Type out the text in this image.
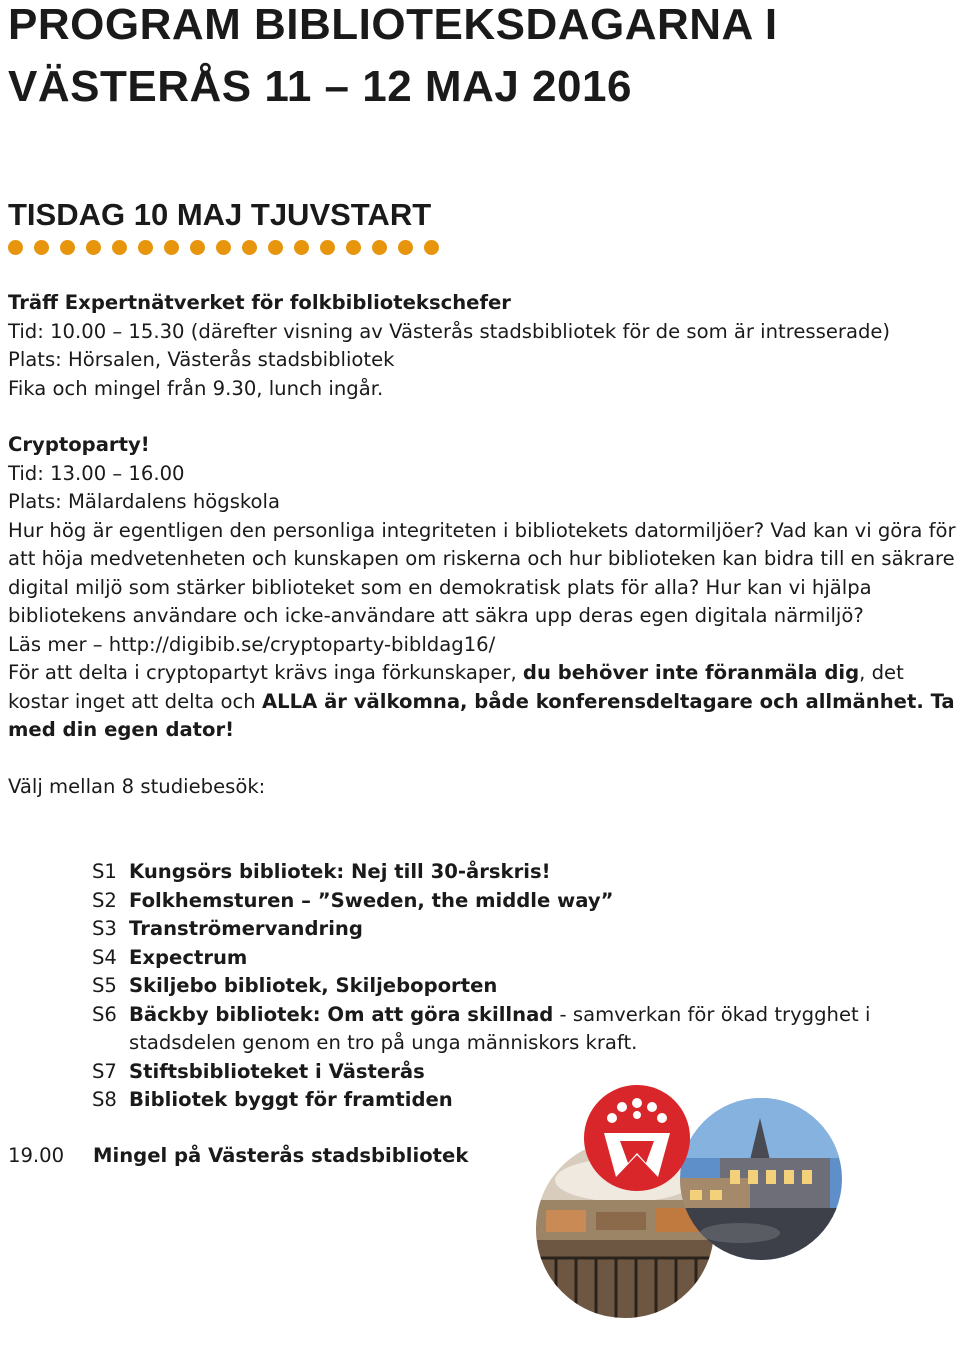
PROGRAM BIBLIOTEKSDAGARNA I
VÄSTERÅS 11 – 12 MAJ 2016
TISDAG 10 MAJ TJUVSTART

Träff Expertnätverket för folkbibliotekschefer

Tid: 10.00 – 15.30 (därefter visning av Västerås stadsbibliotek för de som är intresserade)

Plats: Hörsalen, Västerås stadsbibliotek

Fika och mingel från 9.30, lunch ingår.

Cryptoparty!

Tid: 13.00 – 16.00

Plats: Mälardalens högskola

Hur hög är egentligen den personliga integriteten i bibliotekets datormiljöer? Vad kan vi göra för att höja medvetenheten och kunskapen om riskerna och hur biblioteken kan bidra till en säkrare digital miljö som stärker biblioteket som en demokratisk plats för alla? Hur kan vi hjälpa bibliotekens användare och icke-användare att säkra upp deras egen digitala närmiljö?

Läs mer – http://digibib.se/cryptoparty-bibldag16/

För att delta i cryptopartyt krävs inga förkunskaper, du behöver inte föranmäla dig, det kostar inget att delta och ALLA är välkomna, både konferensdeltagare och allmänhet. Ta med din egen dator!

Välj mellan 8 studiebesök:

S1 Kungsörs bibliotek: Nej till 30-årskris!
S2 Folkhemsturen – ”Sweden, the middle way”
S3 Tranströmervandring
S4 Expectrum
S5 Skiljebo bibliotek, Skiljeboporten
S6 Bäckby bibliotek: Om att göra skillnad - samverkan för ökad trygghet i stadsdelen genom en tro på unga människors kraft.
S7 Stiftsbiblioteket i Västerås
S8 Bibliotek byggt för framtiden
19.00	Mingel på Västerås stadsbibliotek
